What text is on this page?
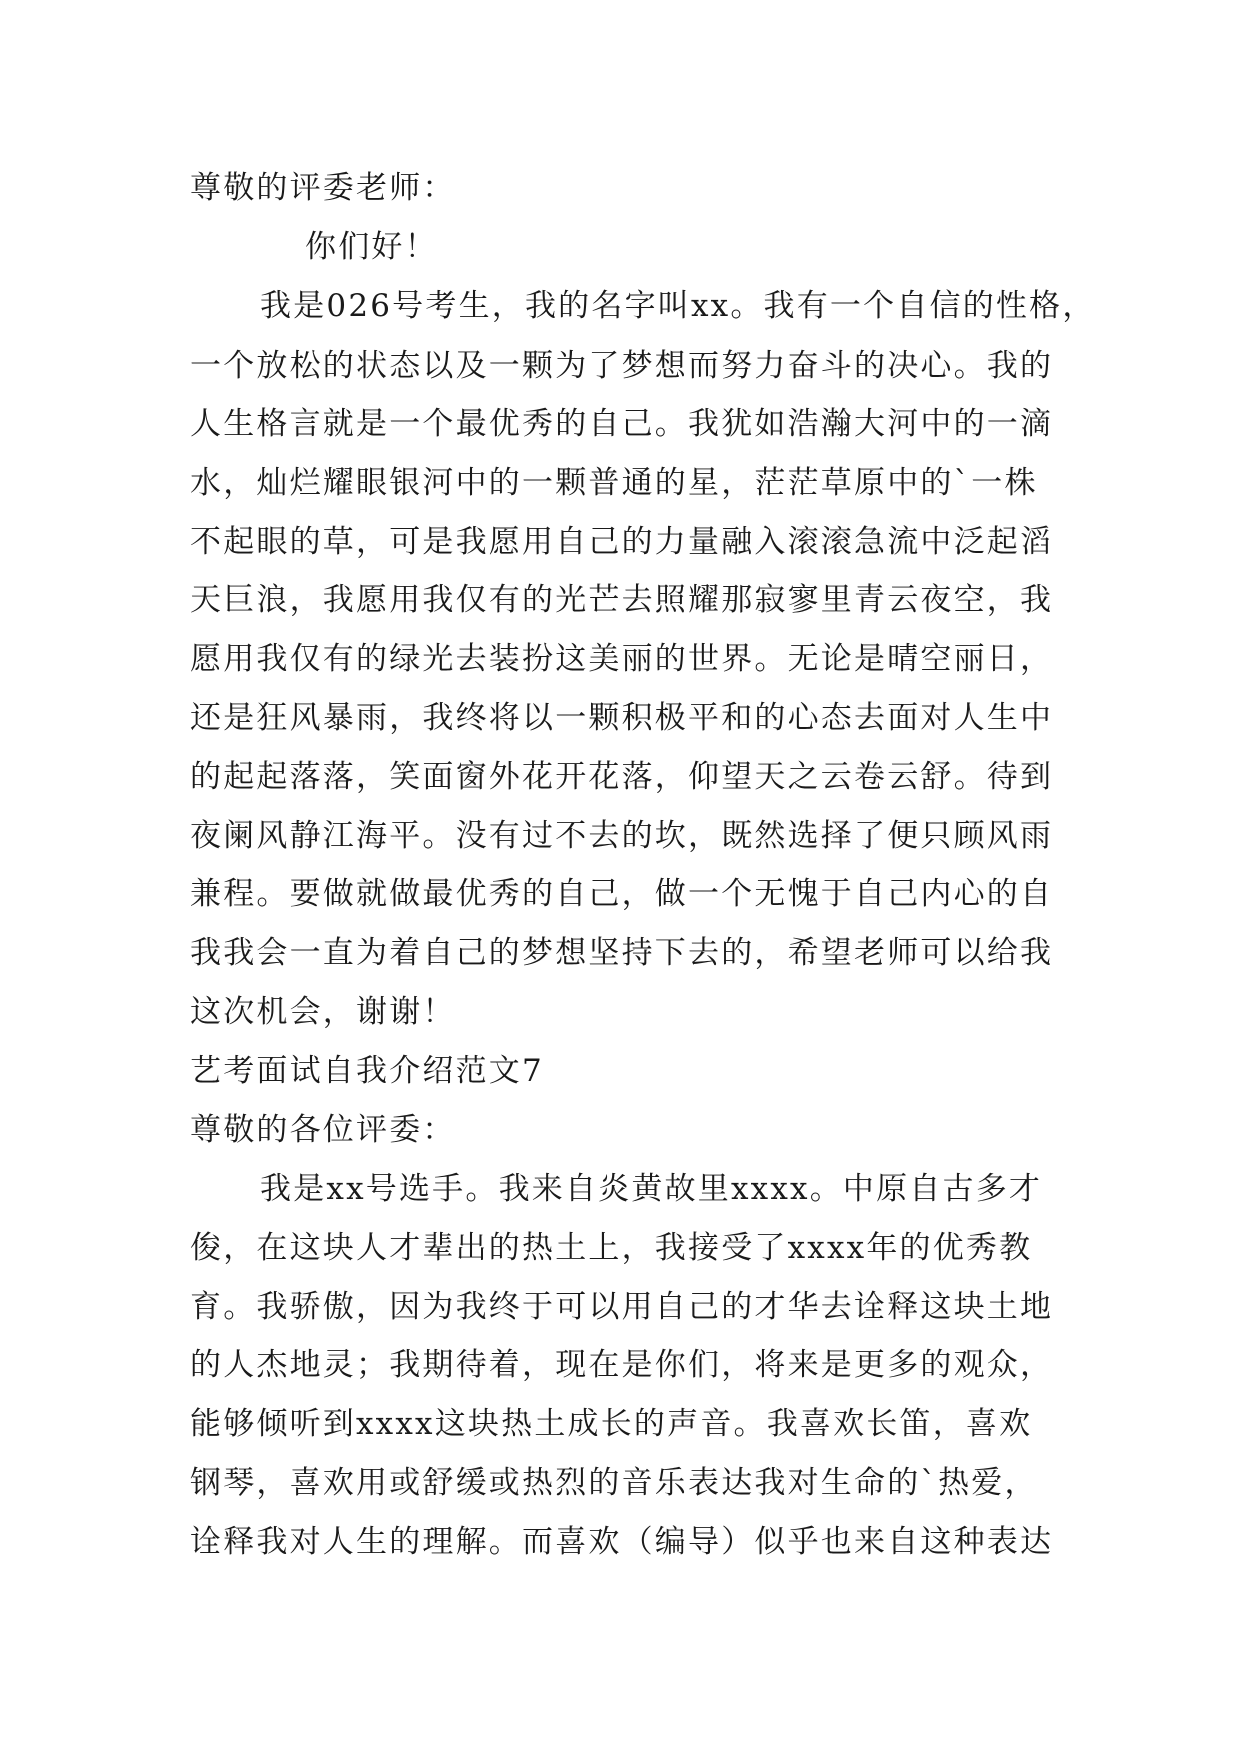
尊敬的评委老师：
你们好！
我是026号考生，我的名字叫xx。我有一个自信的性格，
一个放松的状态以及一颗为了梦想而努力奋斗的决心。我的
人生格言就是一个最优秀的自己。我犹如浩瀚大河中的一滴
水，灿烂耀眼银河中的一颗普通的星，茫茫草原中的`一株
不起眼的草，可是我愿用自己的力量融入滚滚急流中泛起滔
天巨浪，我愿用我仅有的光芒去照耀那寂寥里青云夜空，我
愿用我仅有的绿光去装扮这美丽的世界。无论是晴空丽日，
还是狂风暴雨，我终将以一颗积极平和的心态去面对人生中
的起起落落，笑面窗外花开花落，仰望天之云卷云舒。待到
夜阑风静江海平。没有过不去的坎，既然选择了便只顾风雨
兼程。要做就做最优秀的自己，做一个无愧于自己内心的自
我我会一直为着自己的梦想坚持下去的，希望老师可以给我
这次机会，谢谢！
艺考面试自我介绍范文7
尊敬的各位评委：
我是xx号选手。我来自炎黄故里xxxx。中原自古多才
俊，在这块人才辈出的热土上，我接受了xxxx年的优秀教
育。我骄傲，因为我终于可以用自己的才华去诠释这块土地
的人杰地灵；我期待着，现在是你们，将来是更多的观众，
能够倾听到xxxx这块热土成长的声音。我喜欢长笛，喜欢
钢琴，喜欢用或舒缓或热烈的音乐表达我对生命的`热爱，
诠释我对人生的理解。而喜欢（编导）似乎也来自这种表达
